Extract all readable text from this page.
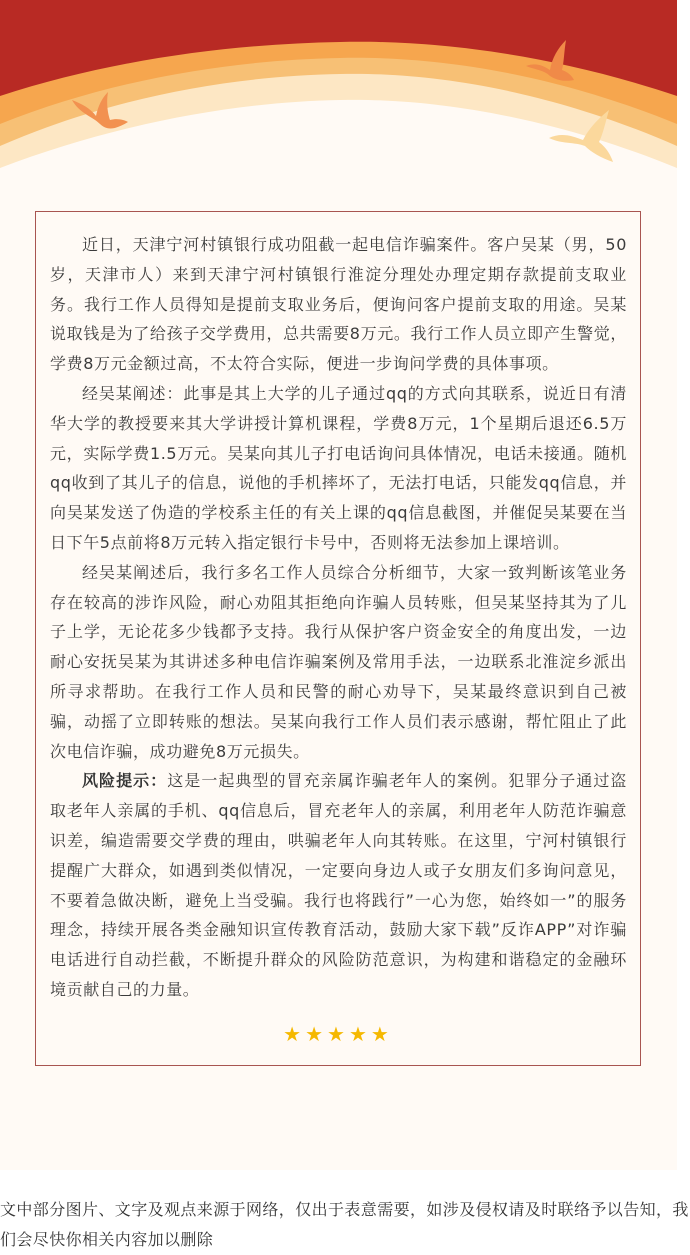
近日，天津宁河村镇银行成功阻截一起电信诈骗案件。客户吴某（男，50岁，天津市人）来到天津宁河村镇银行淮淀分理处办理定期存款提前支取业务。我行工作人员得知是提前支取业务后，便询问客户提前支取的用途。吴某说取钱是为了给孩子交学费用，总共需要8万元。我行工作人员立即产生警觉，学费8万元金额过高，不太符合实际，便进一步询问学费的具体事项。

经吴某阐述：此事是其上大学的儿子通过qq的方式向其联系，说近日有清华大学的教授要来其大学讲授计算机课程，学费8万元，1个星期后退还6.5万元，实际学费1.5万元。吴某向其儿子打电话询问具体情况，电话未接通。随机qq收到了其儿子的信息，说他的手机摔坏了，无法打电话，只能发qq信息，并向吴某发送了伪造的学校系主任的有关上课的qq信息截图，并催促吴某要在当日下午5点前将8万元转入指定银行卡号中，否则将无法参加上课培训。

经吴某阐述后，我行多名工作人员综合分析细节，大家一致判断该笔业务存在较高的涉诈风险，耐心劝阻其拒绝向诈骗人员转账，但吴某坚持其为了儿子上学，无论花多少钱都予支持。我行从保护客户资金安全的角度出发，一边耐心安抚吴某为其讲述多种电信诈骗案例及常用手法，一边联系北淮淀乡派出所寻求帮助。在我行工作人员和民警的耐心劝导下，吴某最终意识到自己被骗，动摇了立即转账的想法。吴某向我行工作人员们表示感谢，帮忙阻止了此次电信诈骗，成功避免8万元损失。

风险提示：这是一起典型的冒充亲属诈骗老年人的案例。犯罪分子通过盗取老年人亲属的手机、qq信息后，冒充老年人的亲属，利用老年人防范诈骗意识差，编造需要交学费的理由，哄骗老年人向其转账。在这里，宁河村镇银行提醒广大群众，如遇到类似情况，一定要向身边人或子女朋友们多询问意见，不要着急做决断，避免上当受骗。我行也将践行”一心为您，始终如一”的服务理念，持续开展各类金融知识宣传教育活动，鼓励大家下载”反诈APP”对诈骗电话进行自动拦截，不断提升群众的风险防范意识，为构建和谐稳定的金融环境贡献自己的力量。

★★★★★

文中部分图片、文字及观点来源于网络，仅出于表意需要，如涉及侵权请及时联络予以告知，我们会尽快你相关内容加以删除
